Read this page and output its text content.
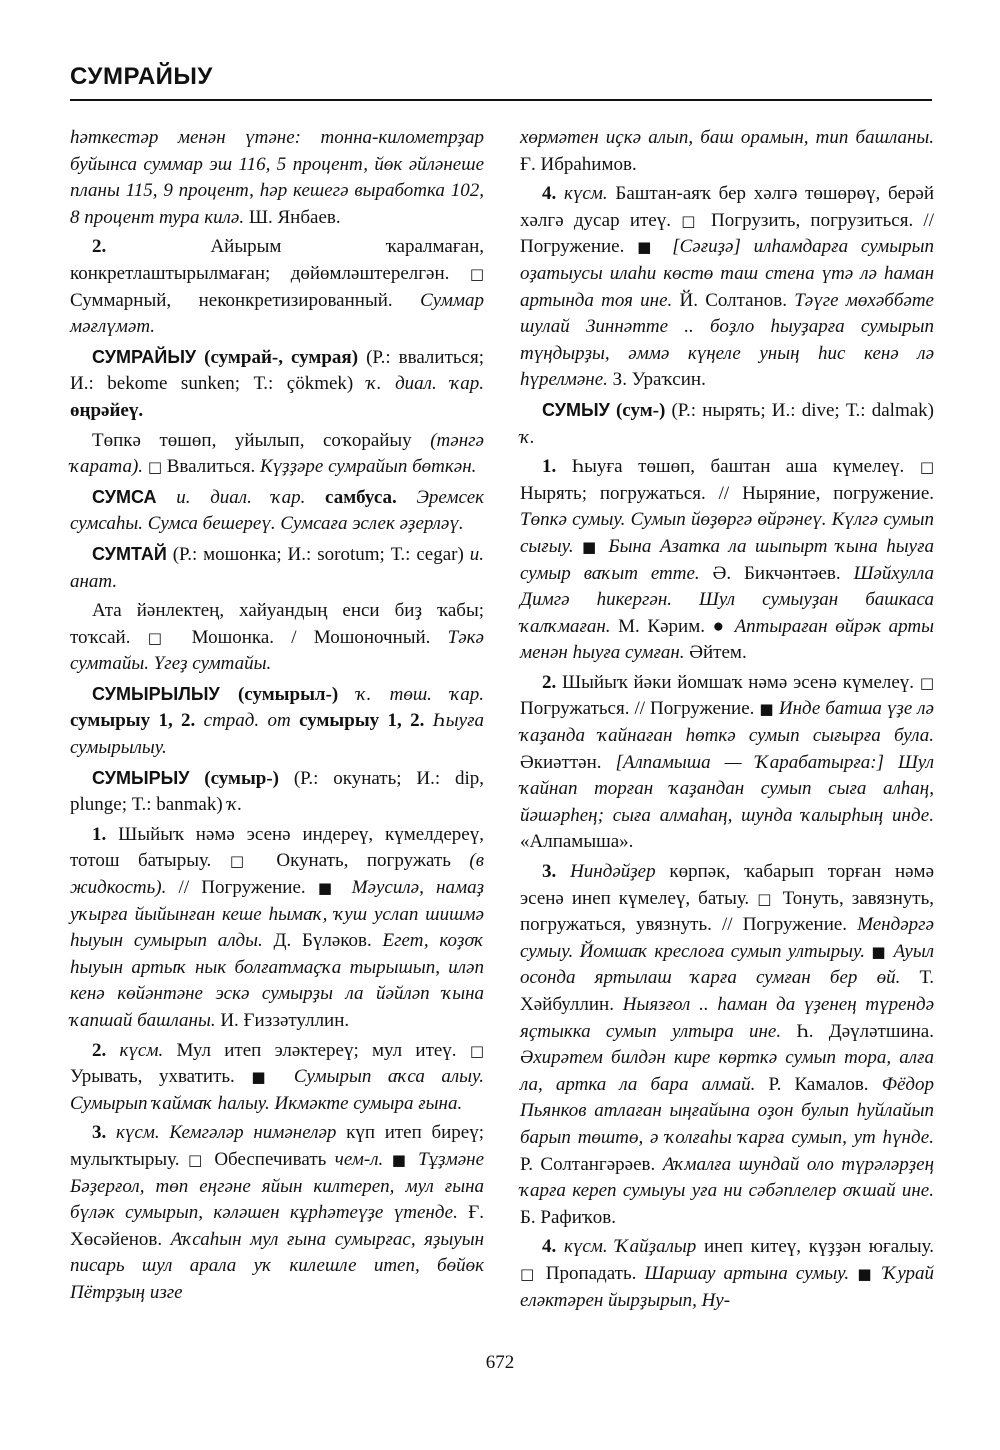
СУМРАЙЫУ

һәткестәр менән үтәне: тонна-километрҙар буйынса суммар эш 116, 5 процент, йөк әйләнеше планы 115, 9 процент, һәр кешегә выработка 102, 8 процент тура килә. Ш. Янбаев.

2. Айырым ҡаралмаған, конкретлаштырылмаған; дөйөмләштерелгән. □ Суммарный, неконкретизированный. Суммар мәғлүмәт.

СУМРАЙЫУ (сумрай-, сумрая) (Р.: ввалиться; И.: bekome sunken; Т.: çökmek) ҡ. диал. ҡар. өңрәйеү.

Төпкә төшөп, уйылып, соҡорайыу (тәнгә ҡарата). □ Ввалиться. Күҙҙәре сумрайып бөткән.

СУМСА и. диал. ҡар. самбуса. Эремсек сумсаһы. Сумса бешереү. Сумсаға эслек әҙерләү.

СУМТАЙ (Р.: мошонка; И.: sorotum; Т.: cegar) и. анат.

Ата йәнлектең, хайуандың енси биҙ ҡабы; тоҡсай. □ Мошонка. / Мошоночный. Тәкә сумтайы. Үгеҙ сумтайы.

СУМЫРЫЛЫУ (сумырыл-) ҡ. төш. ҡар. сумырыу 1, 2. страд. от сумырыу 1, 2. Һыуға сумырылыу.

СУМЫРЫУ (сумыр-) (Р.: окунать; И.: dip, plunge; Т.: banmak) ҡ.

1. Шыйыҡ нәмә эсенә индереү, күмелдереү, тотош батырыу. □ Окунать, погружать (в жидкость). // Погружение. ■ Мәусилә, намаҙ уҡырға йыйынған кеше һымаҡ, ҡуш услап шишмә һыуын сумырып алды. Д. Бүләков. Егет, коҙоҡ һыуын артыҡ нык болғатмаҫҡа тырышып, иләп кенә көйәнтәне эскә сумырҙы ла йәйләп ҡына ҡапшай башланы. И. Ғиззәтуллин.

2. күсм. Мул итеп эләктереү; мул итеү. □ Урывать, ухватить. ■ Сумырып аҡса алыу. Сумырып ҡаймаҡ һалыу. Икмәкте сумыра ғына.

3. күсм. Кемгәләр нимәнеләр күп итеп биреү; мулыҡтырыу. □ Обеспечивать чем-л. ■ Тұҙмәне Бәҙерғол, төп еңгәне яйын килтереп, мул ғына бүләк сумырып, кәләшен кұрһәтеүҙе үтенде. Ғ. Хөсәйенов. Аҡсаһын мул ғына сумырғас, яҙыуын писарь шул арала уҡ килешле итеп, бөйөк Пётрҙың изге

хөрмәтен иҫкә алып, баш орамын, тип башланы. Ғ. Ибраһимов.

4. күсм. Баштан-аяҡ бер хәлгә төшөрөү, берәй хәлгә дусар итеү. □ Погрузить, погрузиться. // Погружение. ■ [Сәғиҙә] илһамдарға сумырып оҙатыусы илаһи көстө таш стена үтә лә һаман артында тоя ине. Й. Солтанов. Тәүге мөхәббәте шулай Зиннәтте .. боҙло һыуҙарға сумырып түңдырҙы, әммә күңеле уның һис кенә лә һүрелмәне. З. Ураҡсин.

СУМЫУ (сум-) (Р.: нырять; И.: dive; Т.: dalmak) ҡ.

1. Һыуға төшөп, баштан аша күмелеү. □ Нырять; погружаться. // Ныряние, погружение. Төпкә сумыу. Сумып йөҙөргә өйрәнеү. Күлгә сумып сығыу. ■ Бына Азатка ла шыпырт ҡына һыуға сумыр ваҡыт етте. Ә. Бикчәнтәев. Шәйхулла Димгә һикергән. Шул сумыуҙан башкаса ҡалҡмаған. М. Кәрим. ● Аптыраған өйрәк арты менән һыуға сумған. Әйтем.

2. Шыйыҡ йәки йомшаҡ нәмә эсенә күмелеү. □ Погружаться. // Погружение. ■ Инде батша үҙе лә ҡаҙанда ҡайнаған һөткә сумып сығырға була. Әкиәттән. [Алпамыша — Ҡарабатырға:] Шул ҡайнап торған ҡаҙандан сумып сыға алһаң, йәшәрһең; сыға алмаһаң, шунда ҡалырһың инде. «Алпамыша».

3. Ниндәйҙер көрпәк, ҡабарып торған нәмә эсенә инеп күмелеү, батыу. □ Тонуть, завязнуть, погружаться, увязнуть. // Погружение. Мендәргә сумыу. Йомшаҡ креслоға сумып ултырыу. ■ Ауыл осонда яртылаш ҡарға сумған бер өй. Т. Хәйбуллин. Ныязғол .. һаман да үҙенең түрендә яҫтыкка сумып ултыра ине. Һ. Дәүләтшина. Әхирәтем билдән кире көрткә сумып тора, алға ла, артка ла бара алмай. Р. Камалов. Фёдор Пьянков атлаған ыңғайына оҙон булып һуйлайып барып төштө, ә ҡолғаһы ҡарға сумып, ут һүнде. Р. Солтангәрәев. Аҡмалға шундай оло түрәләрҙең ҡарға кереп сумыуы уға ни сәбәплелер оҡшай ине. Б. Рафиҡов.

4. күсм. Ҡайҙалыр инеп китеү, күҙҙән юғалыу. □ Пропадать. Шаршау артына сумыу. ■ Ҡурай eләктәрен йырҙырып, Ну-

672
